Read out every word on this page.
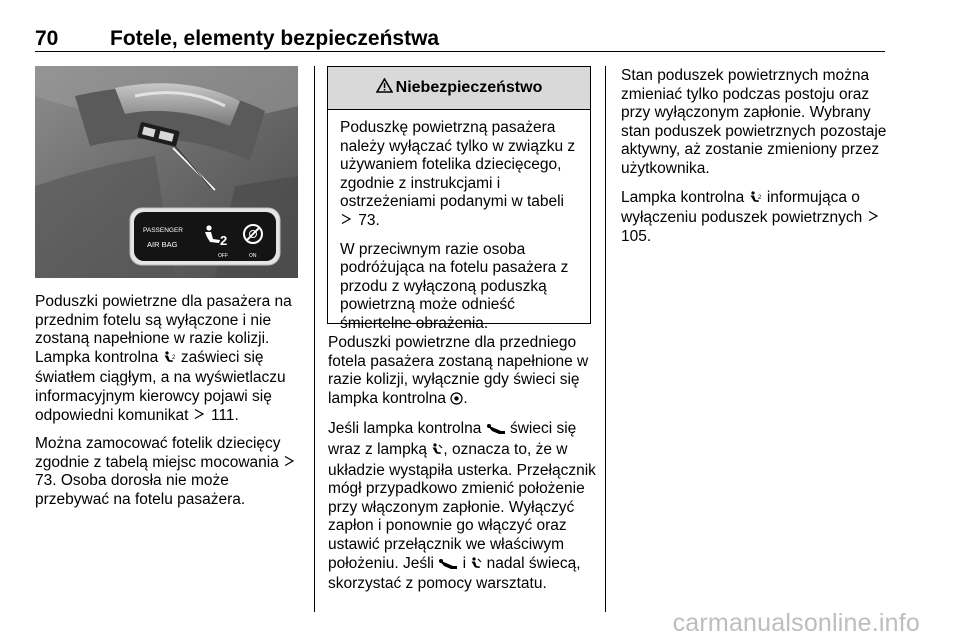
70 Fotele, elementy bezpieczeństwa
PASSENGER
AIR BAG	2
OFF	ON

Poduszki powietrzne dla pasażera na przednim fotelu są wyłączone i nie zostaną napełnione w razie kolizji. Lampka kontrolna 2 zaświeci się światłem ciągłym, a na wyświetlaczu informacyjnym kierowcy pojawi się odpowiedni komunikat  111.

Można zamocować fotelik dziecięcy zgodnie z tabelą miejsc mocowania  73. Osoba dorosła nie może przebywać na fotelu pasażera.

Niebezpieczeństwo

Poduszkę powietrzną pasażera należy wyłączać tylko w związku z używaniem fotelika dziecięcego, zgodnie z instrukcjami i ostrzeżeniami podanymi w tabeli  73.

W przeciwnym razie osoba podróżująca na fotelu pasażera z przodu z wyłączoną poduszką powietrzną może odnieść śmiertelne obrażenia.

Poduszki powietrzne dla przedniego fotela pasażera zostaną napełnione w razie kolizji, wyłącznie gdy świeci się lampka kontrolna .

Jeśli lampka kontrolna  świeci się wraz z lampką , oznacza to, że w układzie wystąpiła usterka. Przełącznik mógł przypadkowo zmienić położenie przy włączonym zapłonie. Wyłączyć zapłon i ponownie go włączyć oraz ustawić przełącznik we właściwym położeniu. Jeśli  i  nadal świecą, skorzystać z pomocy warsztatu.

Stan poduszek powietrznych można zmieniać tylko podczas postoju oraz przy wyłączonym zapłonie. Wybrany stan poduszek powietrznych pozostaje aktywny, aż zostanie zmieniony przez użytkownika.

Lampka kontrolna 2 informująca o wyłączeniu poduszek powietrznych  105.

carmanualsonline.info
